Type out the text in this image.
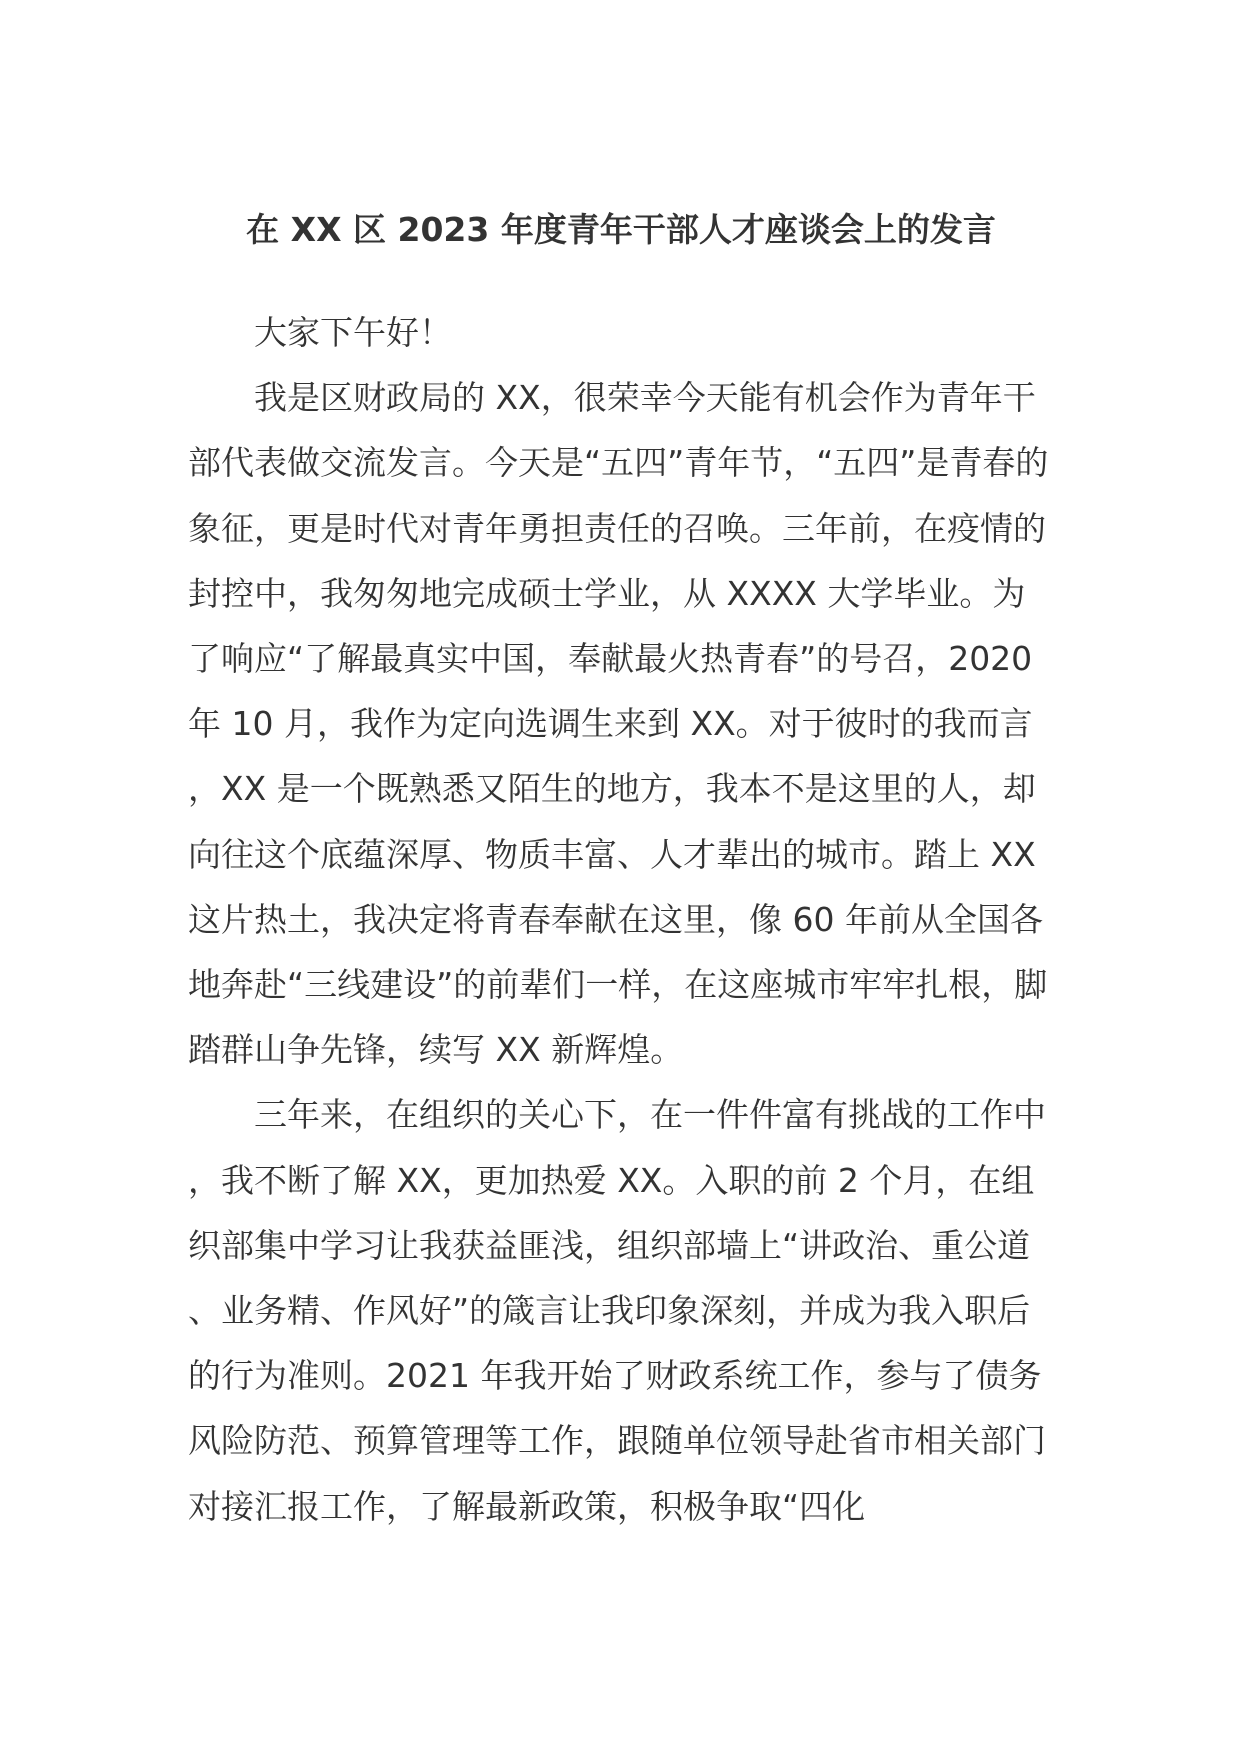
在 XX 区 2023 年度青年干部人才座谈会上的发言

大家下午好！

我是区财政局的 XX，很荣幸今天能有机会作为青年干部代表做交流发言。今天是“五四”青年节，“五四”是青春的象征，更是时代对青年勇担责任的召唤。三年前，在疫情的封控中，我匆匆地完成硕士学业，从 XXXX 大学毕业。为了响应“了解最真实中国，奉献最火热青春”的号召，2020 年 10 月，我作为定向选调生来到 XX。对于彼时的我而言，XX 是一个既熟悉又陌生的地方，我本不是这里的人，却向往这个底蕴深厚、物质丰富、人才辈出的城市。踏上 XX 这片热土，我决定将青春奉献在这里，像 60 年前从全国各地奔赴“三线建设”的前辈们一样，在这座城市牢牢扎根，脚踏群山争先锋，续写 XX 新辉煌。

三年来，在组织的关心下，在一件件富有挑战的工作中，我不断了解 XX，更加热爱 XX。入职的前 2 个月，在组织部集中学习让我获益匪浅，组织部墙上“讲政治、重公道、业务精、作风好”的箴言让我印象深刻，并成为我入职后的行为准则。2021 年我开始了财政系统工作，参与了债务风险防范、预算管理等工作，跟随单位领导赴省市相关部门对接汇报工作，了解最新政策，积极争取“四化
